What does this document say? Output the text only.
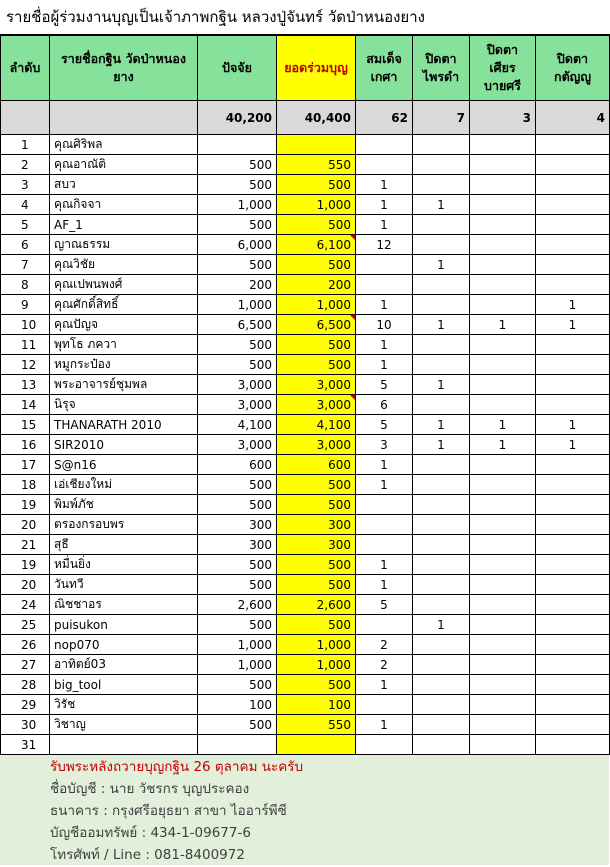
รายชื่อผู้ร่วมงานบุญเป็นเจ้าภาพกฐิน หลวงปู่จันทร์ วัดป่าหนองยาง
ลำดับ	รายชื่อกฐิน วัดป่าหนองยาง	ปัจจัย	ยอดร่วมบุญ	สมเด็จเกศา	ปิดตาไพรดำ	ปิดตาเศียรบายศรี	ปิดตากตัญญู
		40,200	40,400	62	7	3	4
1	คุณศิริพล						
2	คุณอาณัติ	500	550				
3	สบว	500	500	1			
4	คุณกิจจา	1,000	1,000	1	1		
5	AF_1	500	500	1			
6	ญาณธรรม	6,000	6,100	12			
7	คุณวิชัย	500	500		1		
8	คุณเปพนพงศ์	200	200				
9	คุณศักดิ์สิทธิ์	1,000	1,000	1			1
10	คุณปัญจ	6,500	6,500	10	1	1	1
11	พุทโธ ภควา	500	500	1			
12	หมูกระป๋อง	500	500	1			
13	พระอาจารย์ชุมพล	3,000	3,000	5	1		
14	นิรุจ	3,000	3,000	6			
15	THANARATH 2010	4,100	4,100	5	1	1	1
16	SIR2010	3,000	3,000	3	1	1	1
17	S@n16	600	600	1			
18	เอ่เชียงใหม่	500	500	1			
19	พิมพ์ภัช	500	500				
20	ตรองกรอบพร	300	300				
21	สุธี	300	300				
19	หมื่นยิ่ง	500	500	1			
20	วันทวี	500	500	1			
24	ณิชชาอร	2,600	2,600	5			
25	puisukon	500	500		1		
26	nop070	1,000	1,000	2			
27	อาทิตย์03	1,000	1,000	2			
28	big_tool	500	500	1			
29	วิรัช	100	100				
30	วิชาญ	500	550	1			
31							
รับพระหลังถวายบุญกฐิน 26 ตุลาคม นะครับ
ชื่อบัญชี : นาย วัชรกร บุญประคอง
ธนาคาร : กรุงศรีอยุธยา สาขา ไออาร์พีซี
บัญชีออมทรัพย์ : 434-1-09677-6
โทรศัพท์ / Line : 081-8400972
